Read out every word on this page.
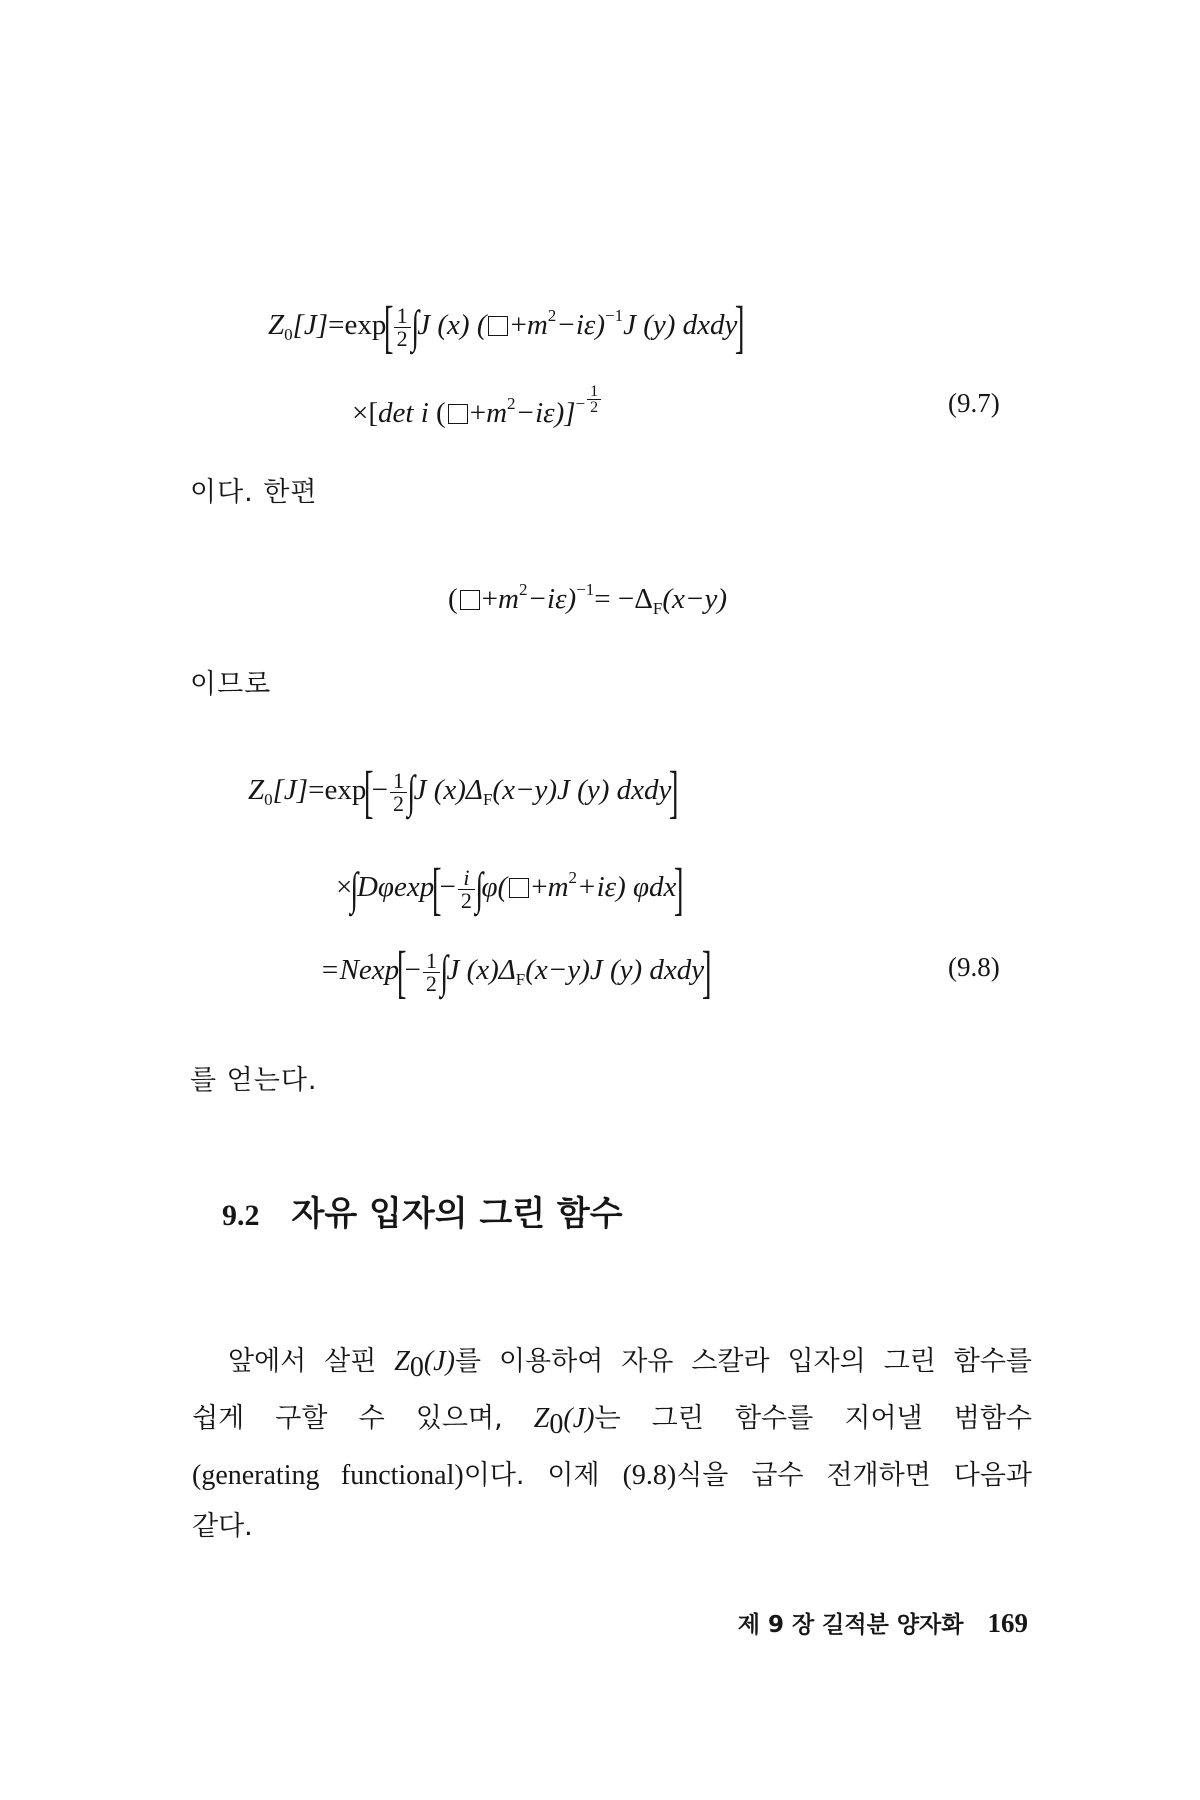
$Z_0[J]=\exp[ \frac{1}{2} \int J$ (x) ( $+m^2-i\varepsilon)^{-1}J$ (y) dxdy]
×[det i ( $+m^2-i\varepsilon)]^- \frac{1}{2}$	(9.7)
이다. 한편
( $+m^2-i\varepsilon)^{-1}= -\Delta_F(x-y)$
이므로
$Z_0[J]=\exp[- \frac{1}{2} \int J$ $(x)\Delta_F(x-y)J$ (y) dxdy]
$\times\int D\varphi\exp[- \frac{i}{2} \int\varphi( +m^2+i\varepsilon)$ φdx]
$=Nexp[- \frac{1}{2} \int J$ $(x)\Delta_F(x-y)J$ (y) dxdy]	(9.8)
를 얻는다.
9.2 자유 입자의 그린 함수
앞에서 살핀 Z0(J)를 이용하여 자유 스칼라 입자의 그린 함수를
쉽게 구할 수 있으며, Z0(J)는 그린 함수를 지어낼 범함수
(generating functional)이다. 이제 (9.8)식을 급수 전개하면 다음과
같다.
제 9 장 길적분 양자화 169
